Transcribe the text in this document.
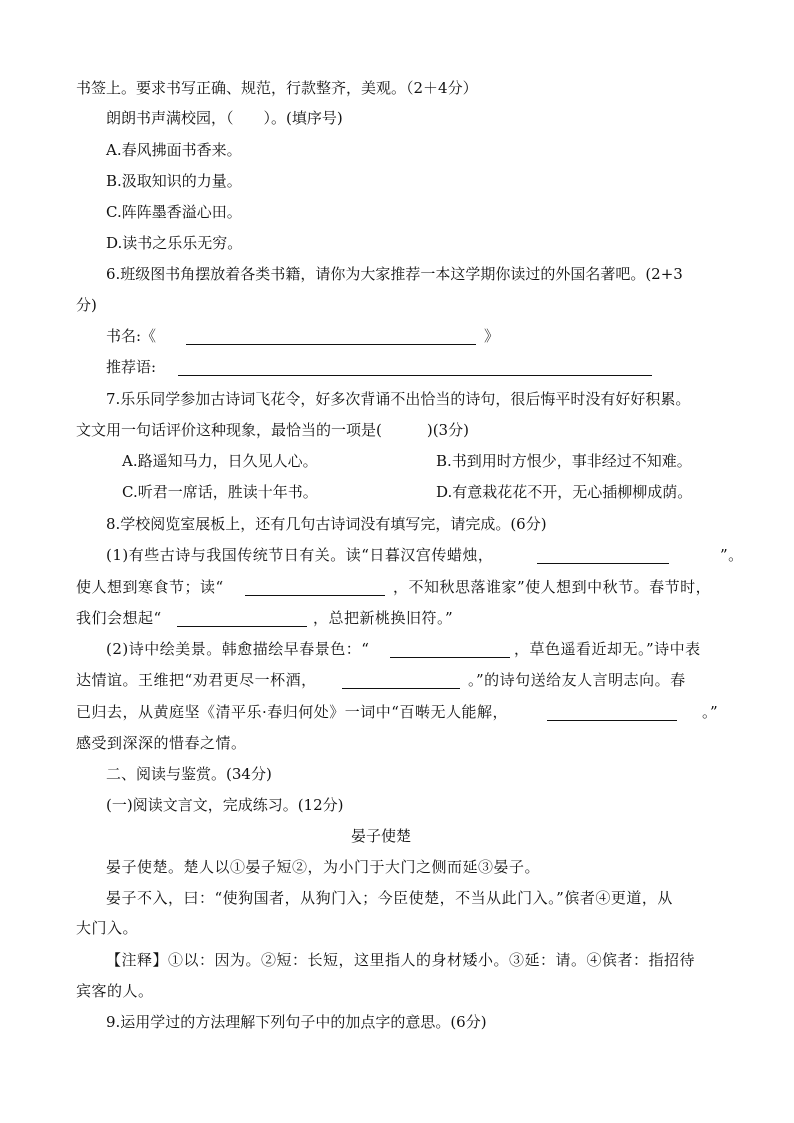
书签上。要求书写正确、规范，行款整齐，美观。（2＋4分）
朗朗书声满校园，（　　）。(填序号)
A.春风拂面书香来。
B.汲取知识的力量。
C.阵阵墨香溢心田。
D.读书之乐乐无穷。
6.班级图书角摆放着各类书籍，请你为大家推荐一本这学期你读过的外国名著吧。(2+3
分)
书名:《	》
推荐语:
7.乐乐同学参加古诗词飞花令，好多次背诵不出恰当的诗句，很后悔平时没有好好积累。
文文用一句话评价这种现象，最恰当的一项是(　　　)(3分)
A.路遥知马力，日久见人心。	B.书到用时方恨少，事非经过不知难。
C.听君一席话，胜读十年书。	D.有意栽花花不开，无心插柳柳成荫。
8.学校阅览室展板上，还有几句古诗词没有填写完，请完成。(6分)
(1)有些古诗与我国传统节日有关。读“日暮汉宫传蜡烛，	”。
使人想到寒食节；读“	，不知秋思落谁家”使人想到中秋节。春节时，
我们会想起“	，总把新桃换旧符。”
(2)诗中绘美景。韩愈描绘早春景色：“	，草色遥看近却无。”诗中表
达情谊。王维把“劝君更尽一杯酒，	。”的诗句送给友人言明志向。春
已归去，从黄庭坚《清平乐·春归何处》一词中“百啭无人能解，	。”
感受到深深的惜春之情。
二、阅读与鉴赏。(34分)
(一)阅读文言文，完成练习。(12分)
晏子使楚
晏子使楚。楚人以①晏子短②，为小门于大门之侧而延③晏子。
晏子不入，曰：“使狗国者，从狗门入；今臣使楚，不当从此门入。”傧者④更道，从
大门入。
【注释】①以：因为。②短：长短，这里指人的身材矮小。③延：请。④傧者：指招待
宾客的人。
9.运用学过的方法理解下列句子中的加点字的意思。(6分)
